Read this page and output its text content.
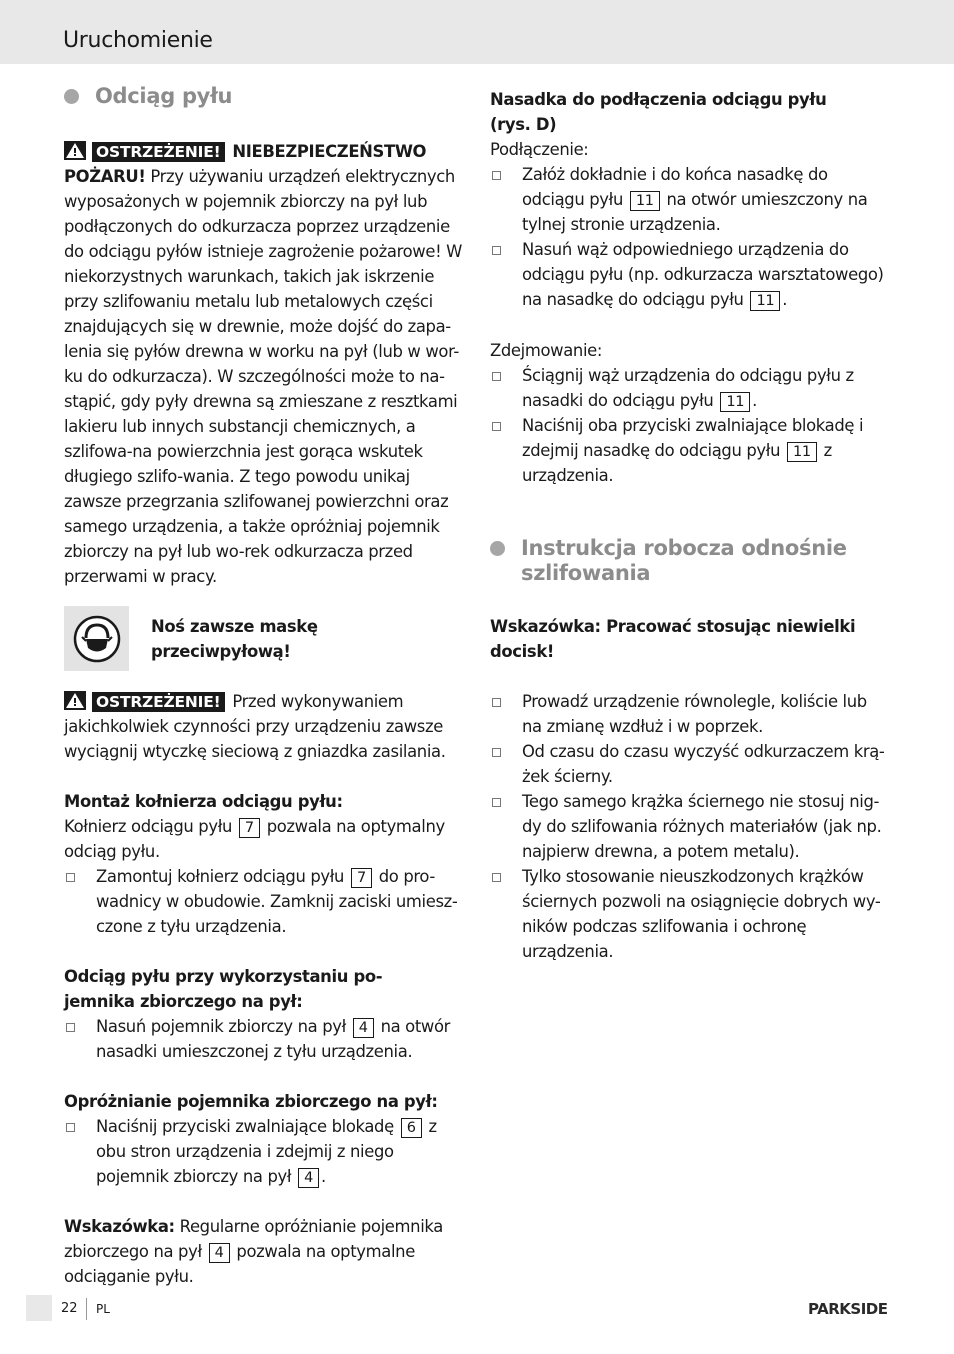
Uruchomienie
Odciąg pyłu

OSTRZEŻENIE! NIEBEZPIECZEŃSTWO POŻARU! Przy używaniu urządzeń elektrycznych wyposażonych w pojemnik zbiorczy na pył lub podłączonych do odkurzacza poprzez urządzenie do odciągu pyłów istnieje zagrożenie pożarowe! W niekorzystnych warunkach, takich jak iskrzenie przy szlifowaniu metalu lub metalowych części znajdujących się w drewnie, może dojść do zapa-lenia się pyłów drewna w worku na pył (lub w wor-ku do odkurzacza). W szczególności może to na-stąpić, gdy pyły drewna są zmieszane z resztkami lakieru lub innych substancji chemicznych, a szlifowa-na powierzchnia jest gorąca wskutek długiego szlifo-wania. Z tego powodu unikaj zawsze przegrzania szlifowanej powierzchni oraz samego urządzenia, a także opróżniaj pojemnik zbiorczy na pył lub wo-rek odkurzacza przed przerwami w pracy.

Noś zawsze maskę
przeciwpyłową!

OSTRZEŻENIE! Przed wykonywaniem jakichkolwiek czynności przy urządzeniu zawsze wyciągnij wtyczkę sieciową z gniazdka zasilania.

Montaż kołnierza odciągu pyłu:

Kołnierz odciągu pyłu 7 pozwala na optymalny odciąg pyłu.

Zamontuj kołnierz odciągu pyłu 7 do pro-wadnicy w obudowie. Zamknij zaciski umiesz-czone z tyłu urządzenia.

Odciąg pyłu przy wykorzystaniu po-
jemnika zbiorczego na pył:

Nasuń pojemnik zbiorczy na pył 4 na otwór nasadki umieszczonej z tyłu urządzenia.

Opróżnianie pojemnika zbiorczego na pył:

Naciśnij przyciski zwalniające blokadę 6 z obu stron urządzenia i zdejmij z niego pojemnik zbiorczy na pył 4 .

Wskazówka: Regularne opróżnianie pojemnika zbiorczego na pył 4 pozwala na optymalne odciąganie pyłu.

Nasadka do podłączenia odciągu pyłu
(rys. D)

Podłączenie:

Załóż dokładnie i do końca nasadkę do odciągu pyłu 11 na otwór umieszczony na tylnej stronie urządzenia.
Nasuń wąż odpowiedniego urządzenia do odciągu pyłu (np. odkurzacza warsztatowego) na nasadkę do odciągu pyłu 11 .

Zdejmowanie:

Ściągnij wąż urządzenia do odciągu pyłu z nasadki do odciągu pyłu 11 .
Naciśnij oba przyciski zwalniające blokadę i zdejmij nasadkę do odciągu pyłu 11 z urządzenia.
Instrukcja robocza odnośnie szlifowania

Wskazówka: Pracować stosując niewielki docisk!

Prowadź urządzenie równolegle, koliście lub na zmianę wzdłuż i w poprzek.
Od czasu do czasu wyczyść odkurzaczem krą-żek ścierny.
Tego samego krążka ściernego nie stosuj nig-dy do szlifowania różnych materiałów (jak np. najpierw drewna, a potem metalu).
Tylko stosowanie nieuszkodzonych krążków ściernych pozwoli na osiągnięcie dobrych wy-ników podczas szlifowania i ochronę urządzenia.
22 PL	PARKSIDE
